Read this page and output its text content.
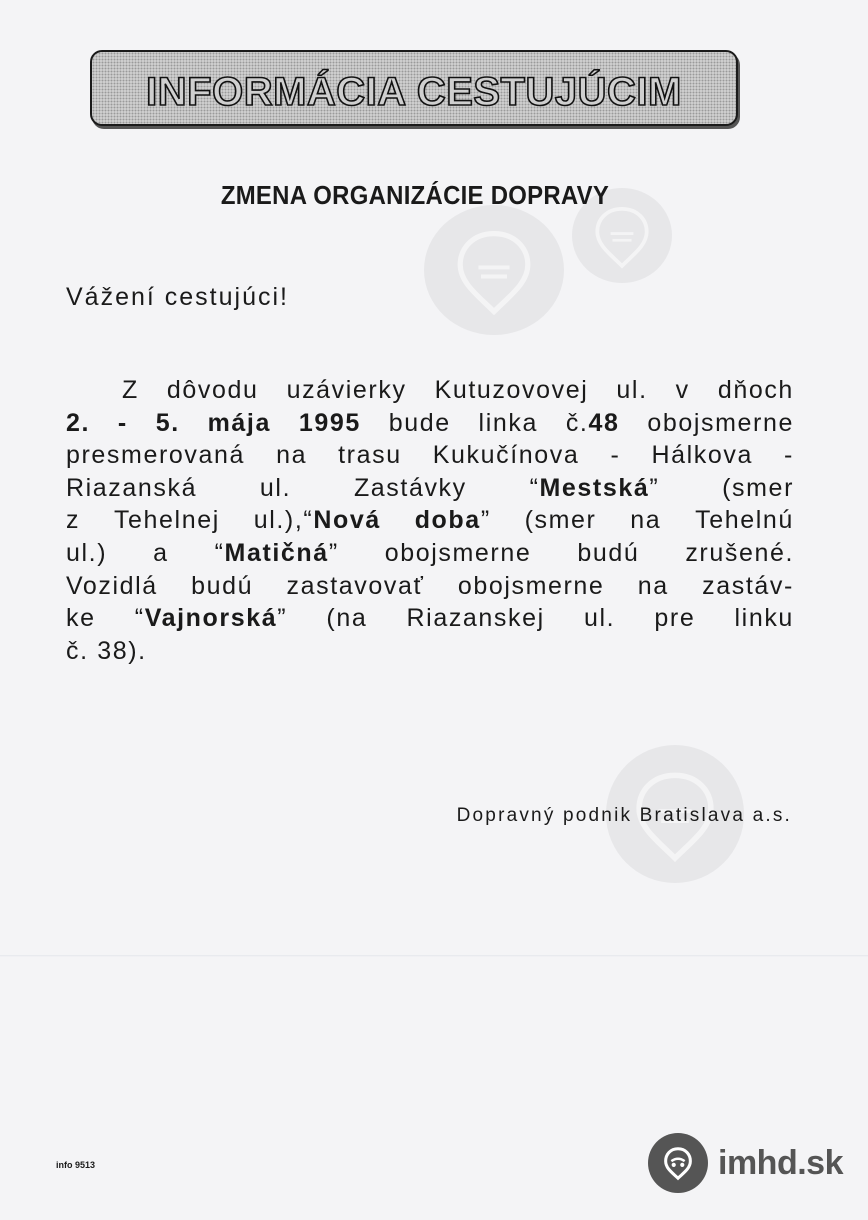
INFORMÁCIA CESTUJÚCIM
ZMENA ORGANIZÁCIE DOPRAVY
Vážení cestujúci!
Z dôvodu uzávierky Kutuzovovej ul. v dňoch
2. - 5. mája 1995 bude linka č.48 obojsmerne
presmerovaná na trasu Kukučínova - Hálkova -
Riazanská	ul.	Zastávky	“Mestská”	(smer
z Tehelnej ul.),“Nová doba” (smer na Tehelnú
ul.) a “Matičná” obojsmerne budú zrušené.
Vozidlá budú zastavovať obojsmerne na zastáv-
ke “Vajnorská” (na Riazanskej ul. pre linku
č. 38).
Dopravný podnik Bratislava a.s.
info 9513	imhd.sk
